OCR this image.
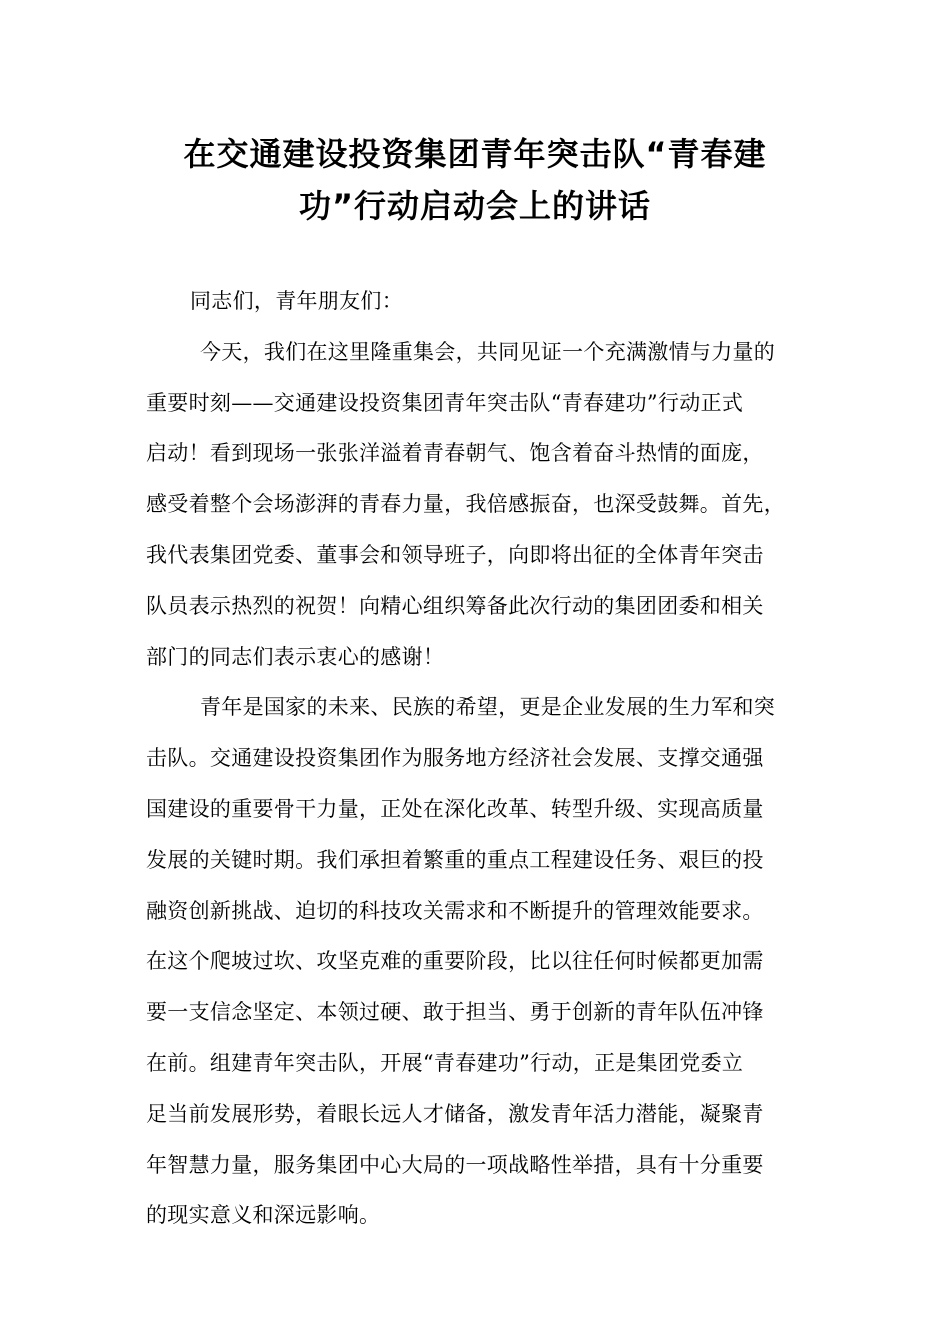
在交通建设投资集团青年突击队“青春建
功”行动启动会上的讲话
同志们，青年朋友们：
今天，我们在这里隆重集会，共同见证一个充满激情与力量的
重要时刻——交通建设投资集团青年突击队“青春建功”行动正式
启动！看到现场一张张洋溢着青春朝气、饱含着奋斗热情的面庞，
感受着整个会场澎湃的青春力量，我倍感振奋，也深受鼓舞。首先，
我代表集团党委、董事会和领导班子，向即将出征的全体青年突击
队员表示热烈的祝贺！向精心组织筹备此次行动的集团团委和相关
部门的同志们表示衷心的感谢！
青年是国家的未来、民族的希望，更是企业发展的生力军和突
击队。交通建设投资集团作为服务地方经济社会发展、支撑交通强
国建设的重要骨干力量，正处在深化改革、转型升级、实现高质量
发展的关键时期。我们承担着繁重的重点工程建设任务、艰巨的投
融资创新挑战、迫切的科技攻关需求和不断提升的管理效能要求。
在这个爬坡过坎、攻坚克难的重要阶段，比以往任何时候都更加需
要一支信念坚定、本领过硬、敢于担当、勇于创新的青年队伍冲锋
在前。组建青年突击队，开展“青春建功”行动，正是集团党委立
足当前发展形势，着眼长远人才储备，激发青年活力潜能，凝聚青
年智慧力量，服务集团中心大局的一项战略性举措，具有十分重要
的现实意义和深远影响。
